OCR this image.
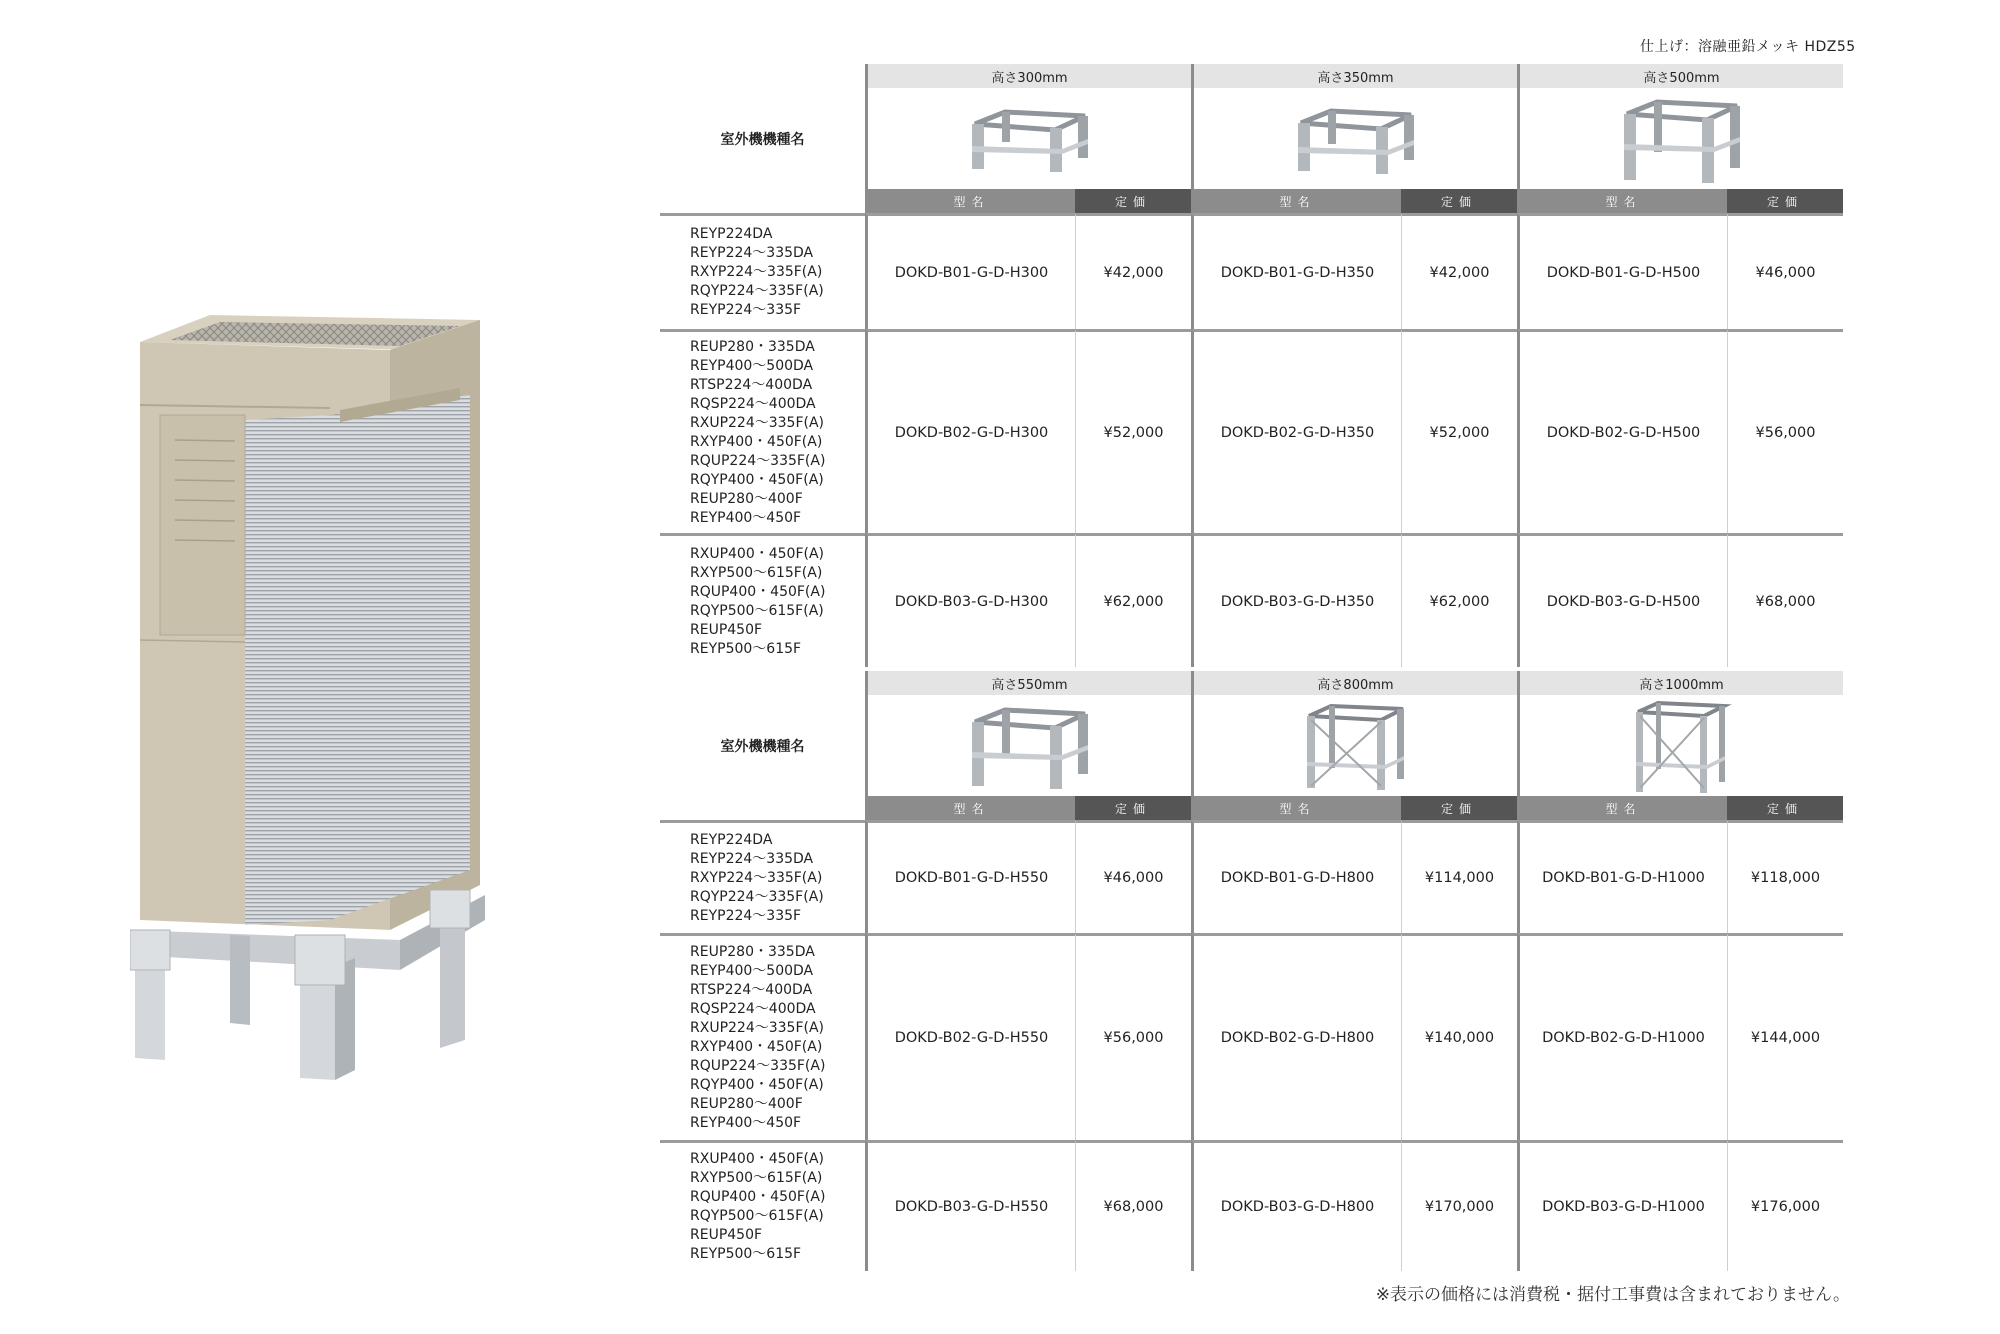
仕上げ：溶融亜鉛メッキ HDZ55
室外機機種名
高さ300mm	高さ350mm	高さ500mm
型名	定価	型名	定価	型名	定価
REYP224DA
REYP224～335DA
RXYP224～335F(A)
RQYP224～335F(A)
REYP224～335F
DOKD-B01-G-D-H300	¥42,000	DOKD-B01-G-D-H350	¥42,000	DOKD-B01-G-D-H500	¥46,000
REUP280・335DA
REYP400～500DA
RTSP224～400DA
RQSP224～400DA
RXUP224～335F(A)
RXYP400・450F(A)
RQUP224～335F(A)
RQYP400・450F(A)
REUP280～400F
REYP400～450F
DOKD-B02-G-D-H300	¥52,000	DOKD-B02-G-D-H350	¥52,000	DOKD-B02-G-D-H500	¥56,000
RXUP400・450F(A)
RXYP500～615F(A)
RQUP400・450F(A)
RQYP500～615F(A)
REUP450F
REYP500～615F
DOKD-B03-G-D-H300	¥62,000	DOKD-B03-G-D-H350	¥62,000	DOKD-B03-G-D-H500	¥68,000
室外機機種名
高さ550mm	高さ800mm	高さ1000mm
型名	定価	型名	定価	型名	定価
REYP224DA
REYP224～335DA
RXYP224～335F(A)
RQYP224～335F(A)
REYP224～335F
DOKD-B01-G-D-H550	¥46,000	DOKD-B01-G-D-H800	¥114,000	DOKD-B01-G-D-H1000	¥118,000
REUP280・335DA
REYP400～500DA
RTSP224～400DA
RQSP224～400DA
RXUP224～335F(A)
RXYP400・450F(A)
RQUP224～335F(A)
RQYP400・450F(A)
REUP280～400F
REYP400～450F
DOKD-B02-G-D-H550	¥56,000	DOKD-B02-G-D-H800	¥140,000	DOKD-B02-G-D-H1000	¥144,000
RXUP400・450F(A)
RXYP500～615F(A)
RQUP400・450F(A)
RQYP500～615F(A)
REUP450F
REYP500～615F
DOKD-B03-G-D-H550	¥68,000	DOKD-B03-G-D-H800	¥170,000	DOKD-B03-G-D-H1000	¥176,000
※表示の価格には消費税・据付工事費は含まれておりません。
